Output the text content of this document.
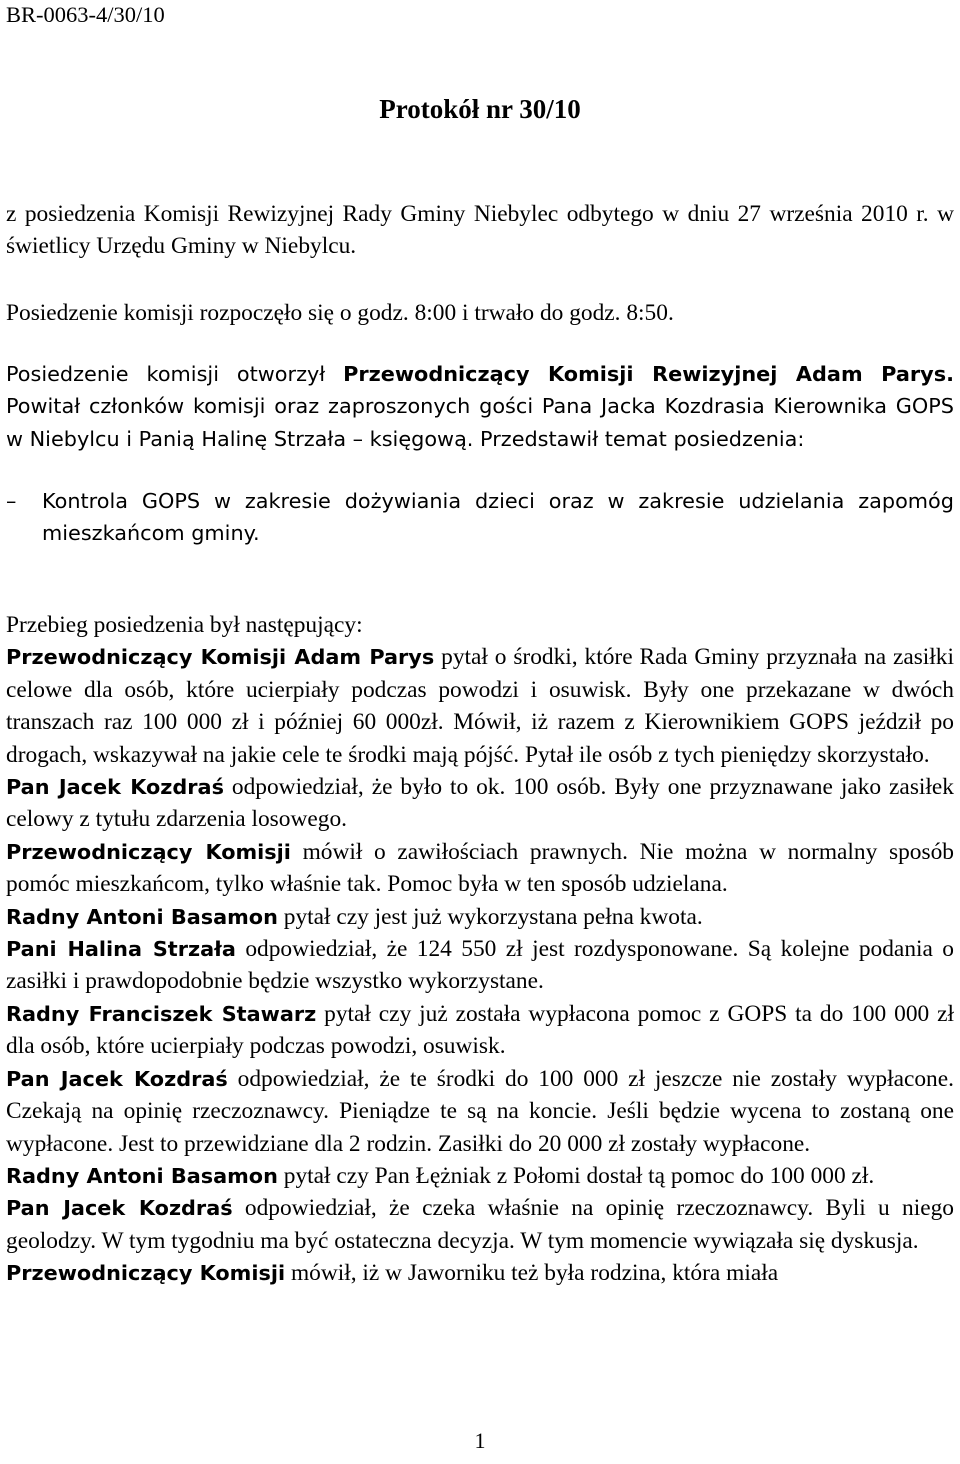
BR-0063-4/30/10
Protokół nr 30/10

z posiedzenia Komisji Rewizyjnej Rady Gminy Niebylec odbytego w dniu 27 września 2010 r. w świetlicy Urzędu Gminy w Niebylcu.

Posiedzenie komisji rozpoczęło się o godz. 8:00 i trwało do godz. 8:50.

Posiedzenie komisji otworzył Przewodniczący Komisji Rewizyjnej Adam Parys. Powitał członków komisji oraz zaproszonych gości Pana Jacka Kozdrasia Kierownika GOPS w Niebylcu i Panią Halinę Strzała – księgową. Przedstawił temat posiedzenia:

–	Kontrola GOPS w zakresie dożywiania dzieci oraz w zakresie udzielania zapomóg mieszkańcom gminy.

Przebieg posiedzenia był następujący:

Przewodniczący Komisji Adam Parys pytał o środki, które Rada Gminy przyznała na zasiłki celowe dla osób, które ucierpiały podczas powodzi i osuwisk. Były one przekazane w dwóch transzach raz 100 000 zł i później 60 000zł. Mówił, iż razem z Kierownikiem GOPS jeździł po drogach, wskazywał na jakie cele te środki mają pójść. Pytał ile osób z tych pieniędzy skorzystało.

Pan Jacek Kozdraś odpowiedział, że było to ok. 100 osób. Były one przyznawane jako zasiłek celowy z tytułu zdarzenia losowego.

Przewodniczący Komisji mówił o zawiłościach prawnych. Nie można w normalny sposób pomóc mieszkańcom, tylko właśnie tak. Pomoc była w ten sposób udzielana.

Radny Antoni Basamon pytał czy jest już wykorzystana pełna kwota.

Pani Halina Strzała odpowiedział, że 124 550 zł jest rozdysponowane. Są kolejne podania o zasiłki i prawdopodobnie będzie wszystko wykorzystane.

Radny Franciszek Stawarz pytał czy już została wypłacona pomoc z GOPS ta do 100 000 zł dla osób, które ucierpiały podczas powodzi, osuwisk.

Pan Jacek Kozdraś odpowiedział, że te środki do 100 000 zł jeszcze nie zostały wypłacone. Czekają na opinię rzeczoznawcy. Pieniądze te są na koncie. Jeśli będzie wycena to zostaną one wypłacone. Jest to przewidziane dla 2 rodzin. Zasiłki do 20 000 zł zostały wypłacone.

Radny Antoni Basamon pytał czy Pan Łężniak z Połomi dostał tą pomoc do 100 000 zł.

Pan Jacek Kozdraś odpowiedział, że czeka właśnie na opinię rzeczoznawcy. Byli u niego geolodzy. W tym tygodniu ma być ostateczna decyzja. W tym momencie wywiązała się dyskusja.

Przewodniczący Komisji mówił, iż w Jaworniku też była rodzina, która miała

1
